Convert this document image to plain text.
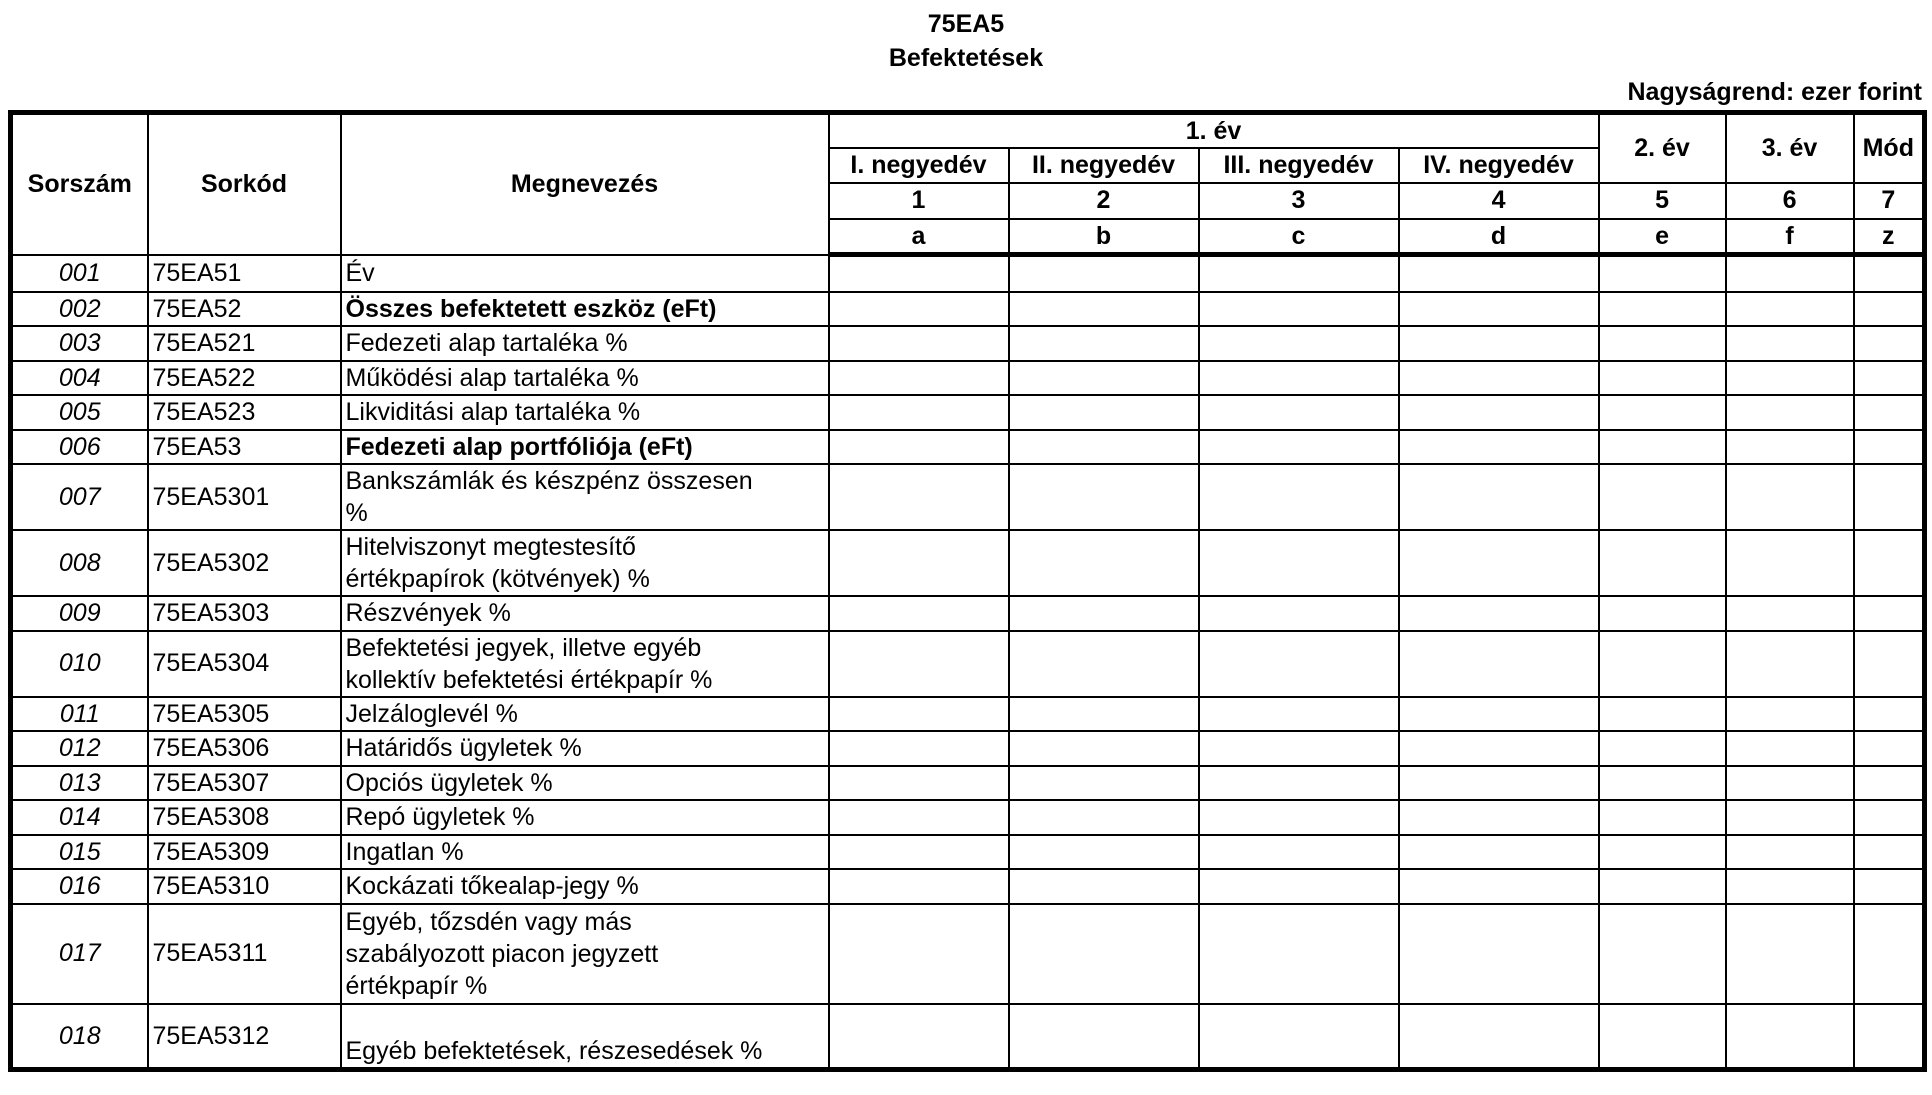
75EA5
Befektetések
Nagyságrend: ezer forint
Sorszám	Sorkód	Megnevezés	1. év				2. év	3. év	Mód
			I. negyedév	II. negyedév	III. negyedév	IV. negyedév			
			1	2	3	4	5	6	7
			a	b	c	d	e	f	z
001	75EA51	Év							
002	75EA52	Összes befektetett eszköz (eFt)							
003	75EA521	Fedezeti alap tartaléka %							
004	75EA522	Működési alap tartaléka %							
005	75EA523	Likviditási alap tartaléka %							
006	75EA53	Fedezeti alap portfóliója (eFt)							
007	75EA5301	Bankszámlák és készpénz összesen
%							

008	75EA5302	Hitelviszonyt megtestesítő
értékpapírok (kötvények) %							

009	75EA5303	Részvények %							
010	75EA5304	Befektetési jegyek, illetve egyéb
kollektív befektetési értékpapír %							

011	75EA5305	Jelzáloglevél %							
012	75EA5306	Határidős ügyletek %							
013	75EA5307	Opciós ügyletek %							
014	75EA5308	Repó ügyletek %							
015	75EA5309	Ingatlan %							
016	75EA5310	Kockázati tőkealap-jegy %							
017	75EA5311	Egyéb, tőzsdén vagy más
szabályozott piacon jegyzett
értékpapír %							

018	75EA5312	Egyéb befektetések, részesedések %							
